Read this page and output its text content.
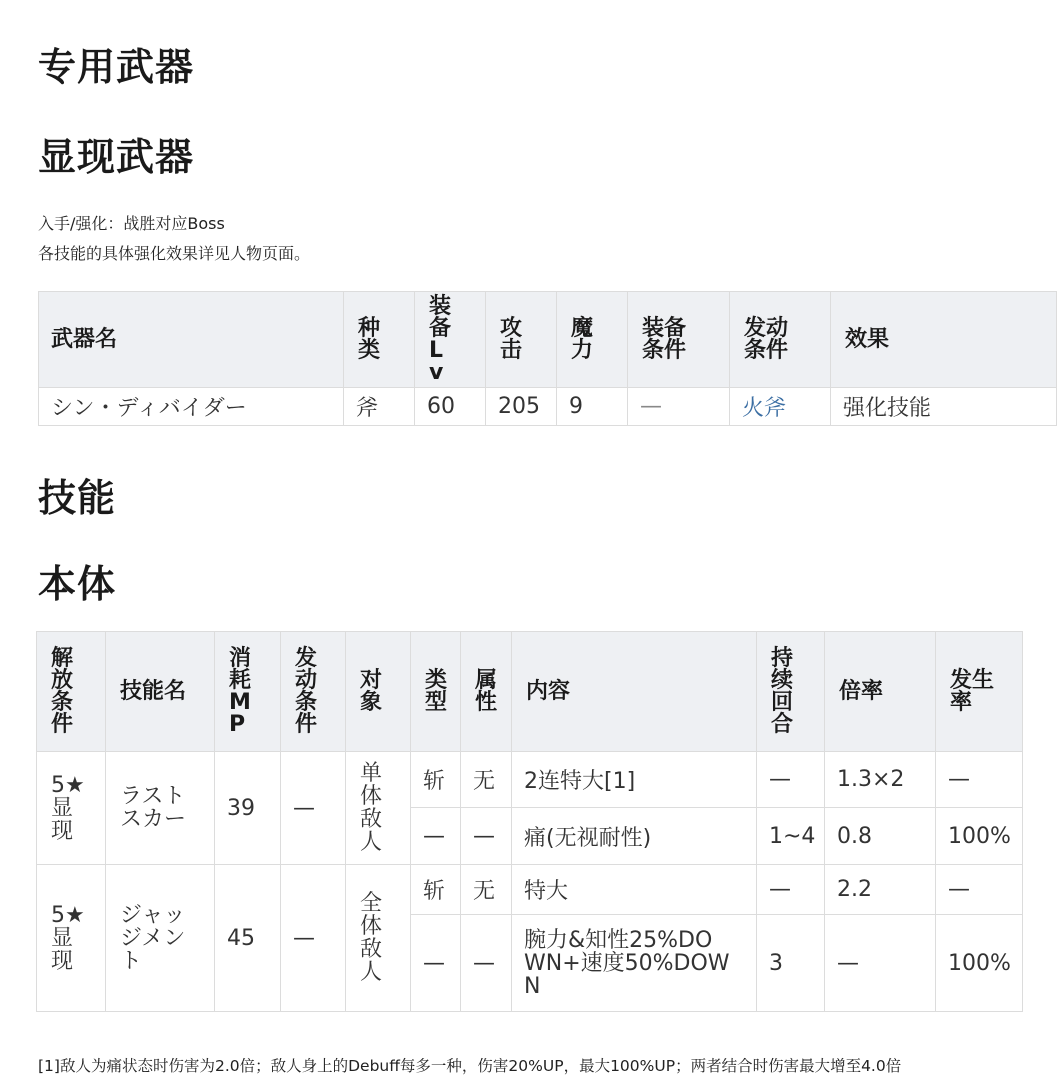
专用武器
显现武器
入手/强化：战胜对应Boss
各技能的具体强化效果详见人物页面。
武器名	种类	装备Lv	攻击	魔力	装备条件	发动条件	效果
シン・ディバイダー	斧	60	205	9	—	火斧	强化技能
技能
本体
解放条件	技能名	消耗MP	发动条件	对象	类型	属性	内容	持续回合	倍率	发生率

5★显现	ラストスカー	39	—	单体敌人	斩	无	2连特大[1]	—	1.3×2	—
					—	—	痛(无视耐性)	1~4	0.8	100%

5★显现	ジャッジメント	45	—	全体敌人	斩	无	特大	—	2.2	—
					—	—	腕力&知性25%DOWN+速度50%DOWN	3	—	100%
[1]敌人为痛状态时伤害为2.0倍；敌人身上的Debuff每多一种，伤害20%UP，最大100%UP；两者结合时伤害最大增至4.0倍
